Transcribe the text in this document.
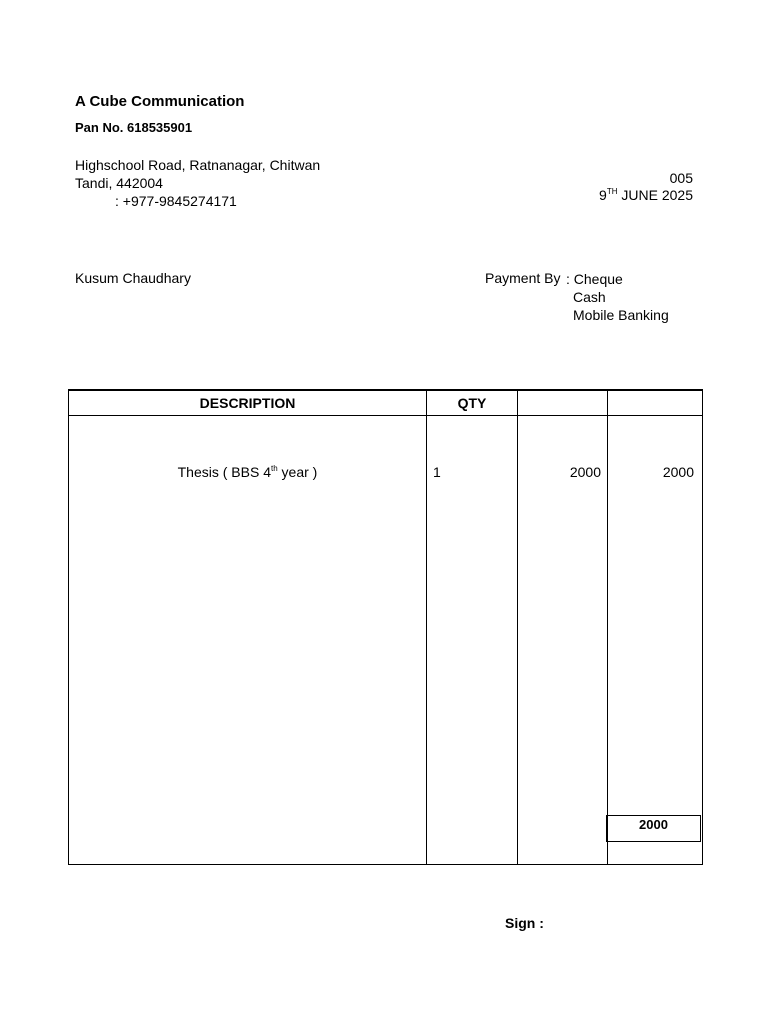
A Cube Communication
Pan No. 618535901
Highschool Road, Ratnanagar, Chitwan
Tandi, 442004
: +977-9845274171
005
9TH JUNE 2025
Kusum Chaudhary	Payment By : Cheque
Cash
Mobile Banking
DESCRIPTION	QTY		
Thesis ( BBS 4th year )	1	2000	2000
2000
Sign :
